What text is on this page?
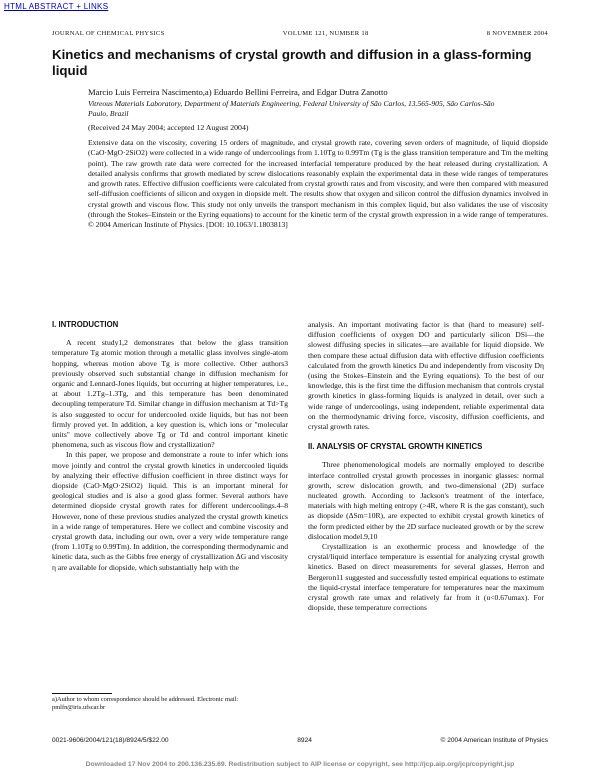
HTML ABSTRACT + LINKS
JOURNAL OF CHEMICAL PHYSICS	VOLUME 121, NUMBER 18	8 NOVEMBER 2004
Kinetics and mechanisms of crystal growth and diffusion in a glass-forming liquid
Marcio Luis Ferreira Nascimento,a) Eduardo Bellini Ferreira, and Edgar Dutra Zanotto
Vitreous Materials Laboratory, Department of Materials Engineering, Federal University of São Carlos, 13.565-905, São Carlos-São Paulo, Brazil
(Received 24 May 2004; accepted 12 August 2004)
Extensive data on the viscosity, covering 15 orders of magnitude, and crystal growth rate, covering seven orders of magnitude, of liquid diopside (CaO·MgO·2SiO2) were collected in a wide range of undercoolings from 1.10Tg to 0.99Tm (Tg is the glass transition temperature and Tm the melting point). The raw growth rate data were corrected for the increased interfacial temperature produced by the heat released during crystallization. A detailed analysis confirms that growth mediated by screw dislocations reasonably explain the experimental data in these wide ranges of temperatures and growth rates. Effective diffusion coefficients were calculated from crystal growth rates and from viscosity, and were then compared with measured self-diffusion coefficients of silicon and oxygen in diopside melt. The results show that oxygen and silicon control the diffusion dynamics involved in crystal growth and viscous flow. This study not only unveils the transport mechanism in this complex liquid, but also validates the use of viscosity (through the Stokes–Einstein or the Eyring equations) to account for the kinetic term of the crystal growth expression in a wide range of temperatures. © 2004 American Institute of Physics. [DOI: 10.1063/1.1803813]
I. INTRODUCTION

A recent study1,2 demonstrates that below the glass transition temperature Tg atomic motion through a metallic glass involves single-atom hopping, whereas motion above Tg is more collective. Other authors3 previously observed such substantial change in diffusion mechanism for organic and Lennard-Jones liquids, but occurring at higher temperatures, i.e., at about 1.2Tg–1.3Tg, and this temperature has been denominated decoupling temperature Td. Similar change in diffusion mechanism at Td>Tg is also suggested to occur for undercooled oxide liquids, but has not been firmly proved yet. In addition, a key question is, which ions or "molecular units" move collectively above Tg or Td and control important kinetic phenomena, such as viscous flow and crystallization?

In this paper, we propose and demonstrate a route to infer which ions move jointly and control the crystal growth kinetics in undercooled liquids by analyzing their effective diffusion coefficient in three distinct ways for diopside (CaO·MgO·2SiO2) liquid. This is an important mineral for geological studies and is also a good glass former. Several authors have determined diopside crystal growth rates for different undercoolings.4–8 However, none of these previous studies analyzed the crystal growth kinetics in a wide range of temperatures. Here we collect and combine viscosity and crystal growth data, including our own, over a very wide temperature range (from 1.10Tg to 0.99Tm). In addition, the corresponding thermodynamic and kinetic data, such as the Gibbs free energy of crystallization ΔG and viscosity η are available for diopside, which substantially help with the

analysis. An important motivating factor is that (hard to measure) self-diffusion coefficients of oxygen DO and particularly silicon DSi—the slowest diffusing species in silicates—are available for liquid diopside. We then compare these actual diffusion data with effective diffusion coefficients calculated from the growth kinetics Du and independently from viscosity Dη (using the Stokes–Einstein and the Eyring equations). To the best of our knowledge, this is the first time the diffusion mechanism that controls crystal growth kinetics in glass-forming liquids is analyzed in detail, over such a wide range of undercoolings, using independent, reliable experimental data on the thermodynamic driving force, viscosity, diffusion coefficients, and crystal growth rates.

II. ANALYSIS OF CRYSTAL GROWTH KINETICS

Three phenomenological models are normally employed to describe interface controlled crystal growth processes in inorganic glasses: normal growth, screw dislocation growth, and two-dimensional (2D) surface nucleated growth. According to Jackson's treatment of the interface, materials with high melting entropy (>4R, where R is the gas constant), such as diopside (ΔSm=10R), are expected to exhibit crystal growth kinetics of the form predicted either by the 2D surface nucleated growth or by the screw dislocation model.9,10

Crystallization is an exothermic process and knowledge of the crystal/liquid interface temperature is essential for analyzing crystal growth kinetics. Based on direct measurements for several glasses, Herron and Bergeron11 suggested and successfully tested empirical equations to estimate the liquid-crystal interface temperature for temperatures near the maximum crystal growth rate umax and relatively far from it (u<0.67umax). For diopside, these temperature corrections

a)Author to whom correspondence should be addressed. Electronic mail: pmlfn@iris.ufscar.br
0021-9606/2004/121(18)/8924/5/$22.00	8924	© 2004 American Institute of Physics
Downloaded 17 Nov 2004 to 200.136.235.69. Redistribution subject to AIP license or copyright, see http://jcp.aip.org/jcp/copyright.jsp
